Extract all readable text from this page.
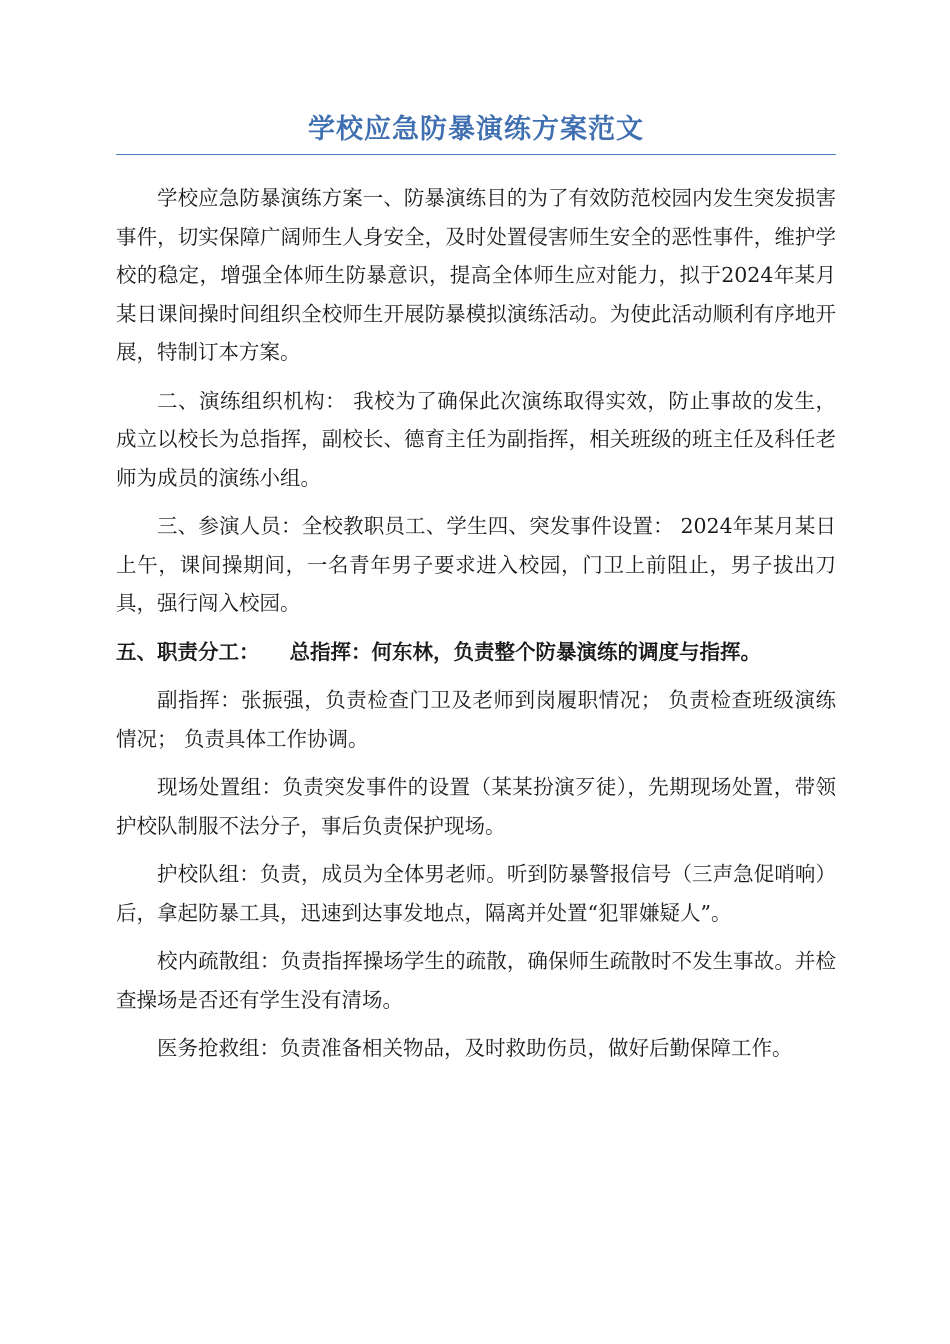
学校应急防暴演练方案范文

学校应急防暴演练方案一、防暴演练目的为了有效防范校园内发生突发损害事件，切实保障广阔师生人身安全，及时处置侵害师生安全的恶性事件，维护学校的稳定，增强全体师生防暴意识，提高全体师生应对能力，拟于2024年某月某日课间操时间组织全校师生开展防暴模拟演练活动。为使此活动顺利有序地开展，特制订本方案。

二、演练组织机构： 我校为了确保此次演练取得实效，防止事故的发生，成立以校长为总指挥，副校长、德育主任为副指挥，相关班级的班主任及科任老师为成员的演练小组。

三、参演人员：全校教职员工、学生四、突发事件设置： 2024年某月某日上午，课间操期间，一名青年男子要求进入校园，门卫上前阻止，男子拔出刀具，强行闯入校园。

五、职责分工： 总指挥：何东林，负责整个防暴演练的调度与指挥。

副指挥：张振强，负责检查门卫及老师到岗履职情况； 负责检查班级演练情况； 负责具体工作协调。

现场处置组：负责突发事件的设置（某某扮演歹徒），先期现场处置，带领护校队制服不法分子，事后负责保护现场。

护校队组：负责，成员为全体男老师。听到防暴警报信号（三声急促哨响）后，拿起防暴工具，迅速到达事发地点，隔离并处置“犯罪嫌疑人”。

校内疏散组：负责指挥操场学生的疏散，确保师生疏散时不发生事故。并检查操场是否还有学生没有清场。

医务抢救组：负责准备相关物品，及时救助伤员，做好后勤保障工作。
